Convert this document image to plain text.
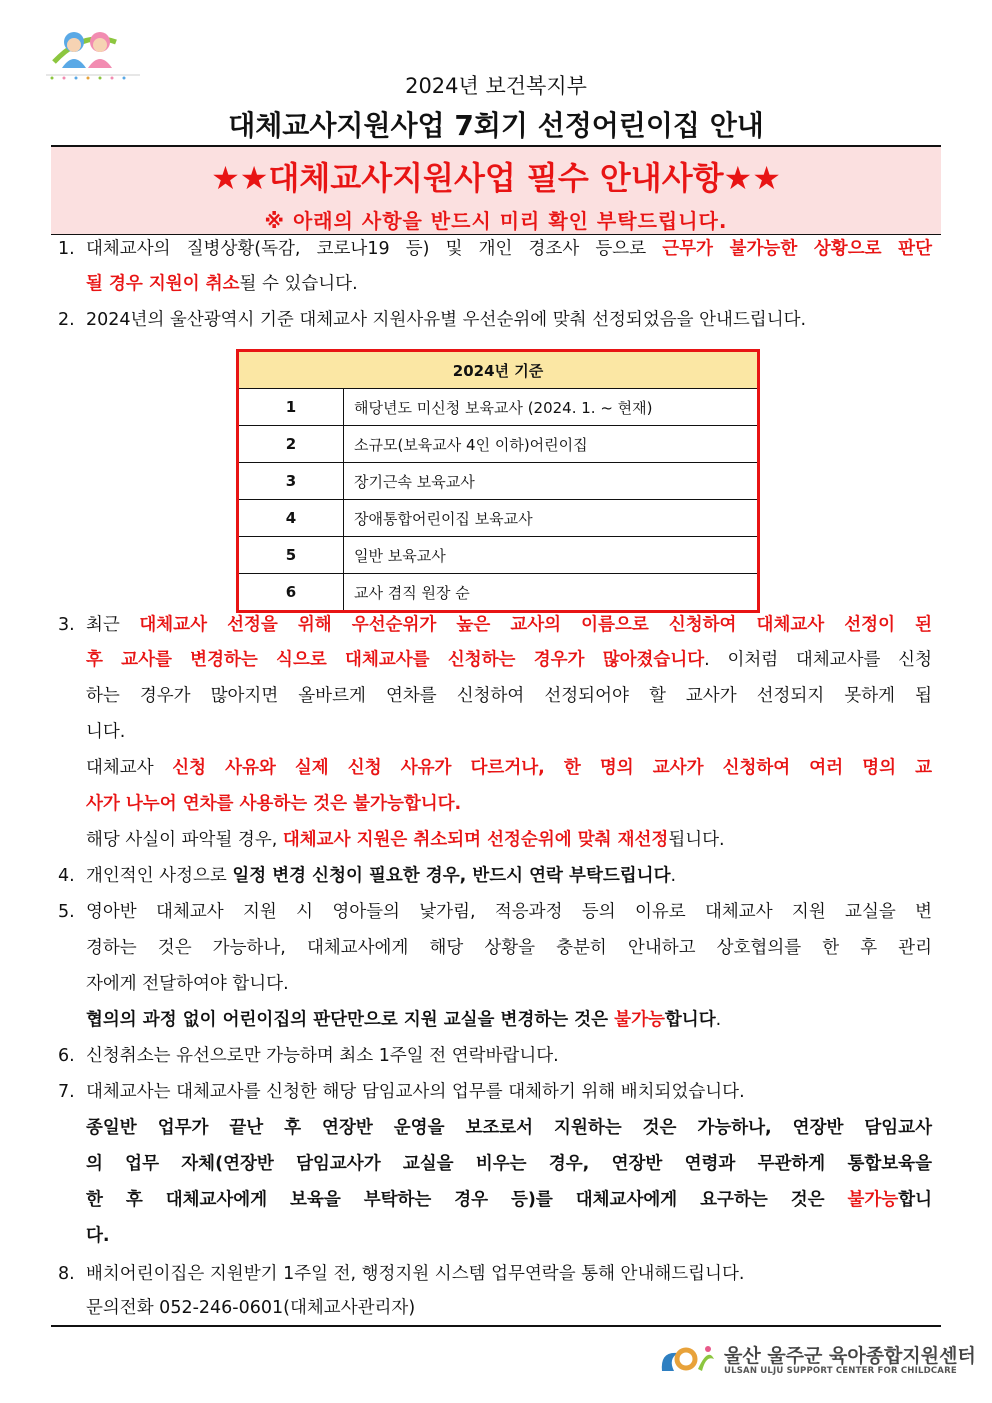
2024년 보건복지부
대체교사지원사업 7회기 선정어린이집 안내
★★대체교사지원사업 필수 안내사항★★
※ 아래의 사항을 반드시 미리 확인 부탁드립니다.
1. 대체교사의 질병상황(독감, 코로나19 등) 및 개인 경조사 등으로 근무가 불가능한 상황으로 판단
될 경우 지원이 취소될 수 있습니다.
2. 2024년의 울산광역시 기준 대체교사 지원사유별 우선순위에 맞춰 선정되었음을 안내드립니다.
2024년 기준	
1	해당년도 미신청 보육교사 (2024. 1. ~ 현재)
2	소규모(보육교사 4인 이하)어린이집
3	장기근속 보육교사
4	장애통합어린이집 보육교사
5	일반 보육교사
6	교사 겸직 원장 순
3. 최근 대체교사 선정을 위해 우선순위가 높은 교사의 이름으로 신청하여 대체교사 선정이 된
후 교사를 변경하는 식으로 대체교사를 신청하는 경우가 많아졌습니다. 이처럼 대체교사를 신청
하는 경우가 많아지면 올바르게 연차를 신청하여 선정되어야 할 교사가 선정되지 못하게 됩
니다.
대체교사 신청 사유와 실제 신청 사유가 다르거나, 한 명의 교사가 신청하여 여러 명의 교
사가 나누어 연차를 사용하는 것은 불가능합니다.
해당 사실이 파악될 경우, 대체교사 지원은 취소되며 선정순위에 맞춰 재선정됩니다.
4. 개인적인 사정으로 일정 변경 신청이 필요한 경우, 반드시 연락 부탁드립니다.
5. 영아반 대체교사 지원 시 영아들의 낯가림, 적응과정 등의 이유로 대체교사 지원 교실을 변
경하는 것은 가능하나, 대체교사에게 해당 상황을 충분히 안내하고 상호협의를 한 후 관리
자에게 전달하여야 합니다.
협의의 과정 없이 어린이집의 판단만으로 지원 교실을 변경하는 것은 불가능합니다.
6. 신청취소는 유선으로만 가능하며 최소 1주일 전 연락바랍니다.
7. 대체교사는 대체교사를 신청한 해당 담임교사의 업무를 대체하기 위해 배치되었습니다.
종일반 업무가 끝난 후 연장반 운영을 보조로서 지원하는 것은 가능하나, 연장반 담임교사
의 업무 자체(연장반 담임교사가 교실을 비우는 경우, 연장반 연령과 무관하게 통합보육을
한 후 대체교사에게 보육을 부탁하는 경우 등)를 대체교사에게 요구하는 것은 불가능합니
다.
8. 배치어린이집은 지원받기 1주일 전, 행정지원 시스템 업무연락을 통해 안내해드립니다.
문의전화 052-246-0601(대체교사관리자)
울산 울주군 육아종합지원센터
ULSAN ULJU SUPPORT CENTER FOR CHILDCARE
